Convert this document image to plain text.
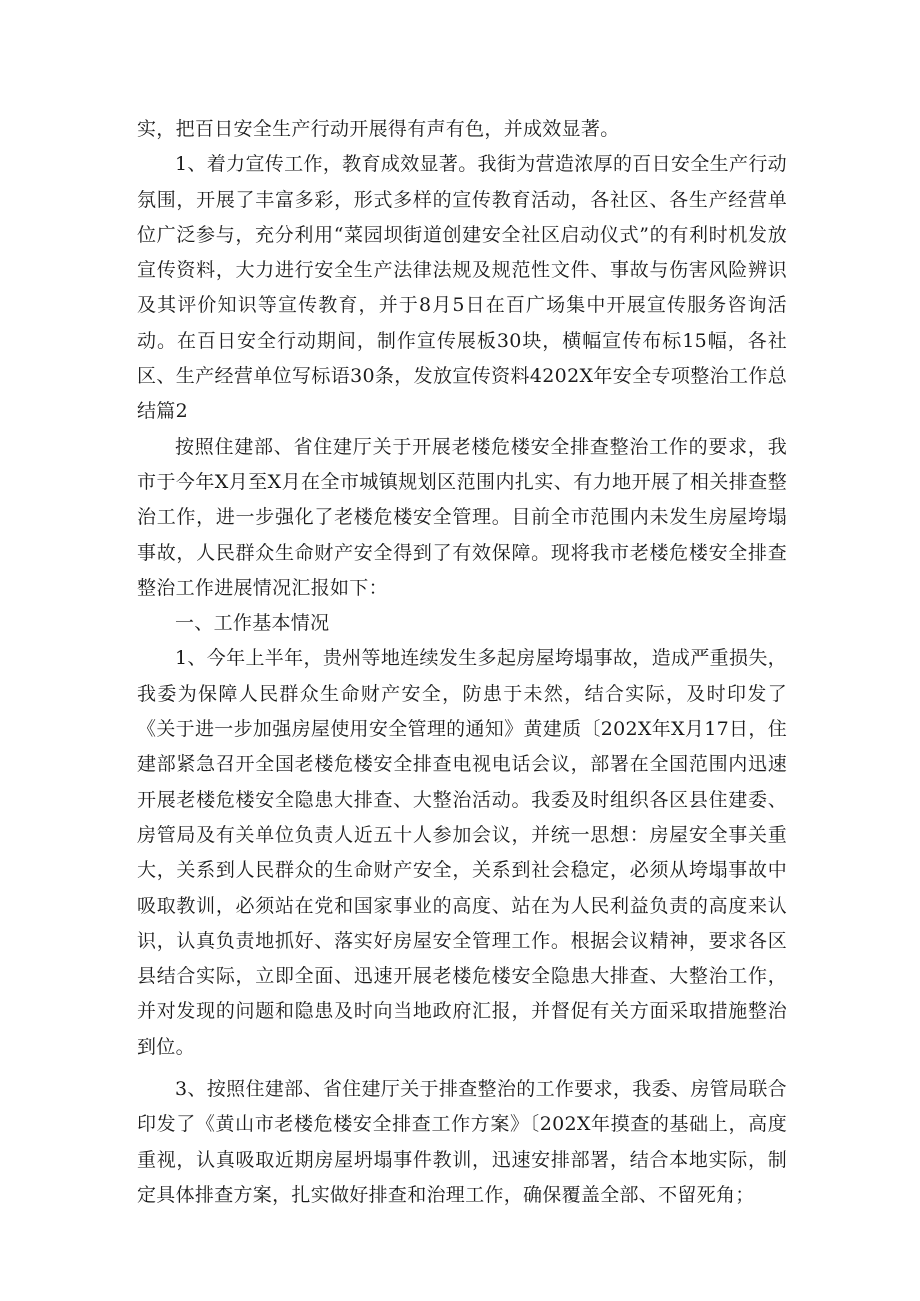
实，把百日安全生产行动开展得有声有色，并成效显著。

1、着力宣传工作，教育成效显著。我街为营造浓厚的百日安全生产行动氛围，开展了丰富多彩，形式多样的宣传教育活动，各社区、各生产经营单位广泛参与，充分利用“菜园坝街道创建安全社区启动仪式”的有利时机发放宣传资料，大力进行安全生产法律法规及规范性文件、事故与伤害风险辨识及其评价知识等宣传教育，并于8月5日在百广场集中开展宣传服务咨询活动。在百日安全行动期间，制作宣传展板30块，横幅宣传布标15幅，各社区、生产经营单位写标语30条，发放宣传资料4202X年安全专项整治工作总结篇2

按照住建部、省住建厅关于开展老楼危楼安全排查整治工作的要求，我市于今年X月至X月在全市城镇规划区范围内扎实、有力地开展了相关排查整治工作，进一步强化了老楼危楼安全管理。目前全市范围内未发生房屋垮塌事故，人民群众生命财产安全得到了有效保障。现将我市老楼危楼安全排查整治工作进展情况汇报如下：

一、工作基本情况

1、今年上半年，贵州等地连续发生多起房屋垮塌事故，造成严重损失，我委为保障人民群众生命财产安全，防患于未然，结合实际，及时印发了《关于进一步加强房屋使用安全管理的通知》黄建质〔202X年X月17日，住建部紧急召开全国老楼危楼安全排查电视电话会议，部署在全国范围内迅速开展老楼危楼安全隐患大排查、大整治活动。我委及时组织各区县住建委、房管局及有关单位负责人近五十人参加会议，并统一思想：房屋安全事关重大，关系到人民群众的生命财产安全，关系到社会稳定，必须从垮塌事故中吸取教训，必须站在党和国家事业的高度、站在为人民利益负责的高度来认识，认真负责地抓好、落实好房屋安全管理工作。根据会议精神，要求各区县结合实际，立即全面、迅速开展老楼危楼安全隐患大排查、大整治工作，并对发现的问题和隐患及时向当地政府汇报，并督促有关方面采取措施整治到位。

3、按照住建部、省住建厅关于排查整治的工作要求，我委、房管局联合印发了《黄山市老楼危楼安全排查工作方案》〔202X年摸查的基础上，高度重视，认真吸取近期房屋坍塌事件教训，迅速安排部署，结合本地实际，制定具体排查方案，扎实做好排查和治理工作，确保覆盖全部、不留死角；
